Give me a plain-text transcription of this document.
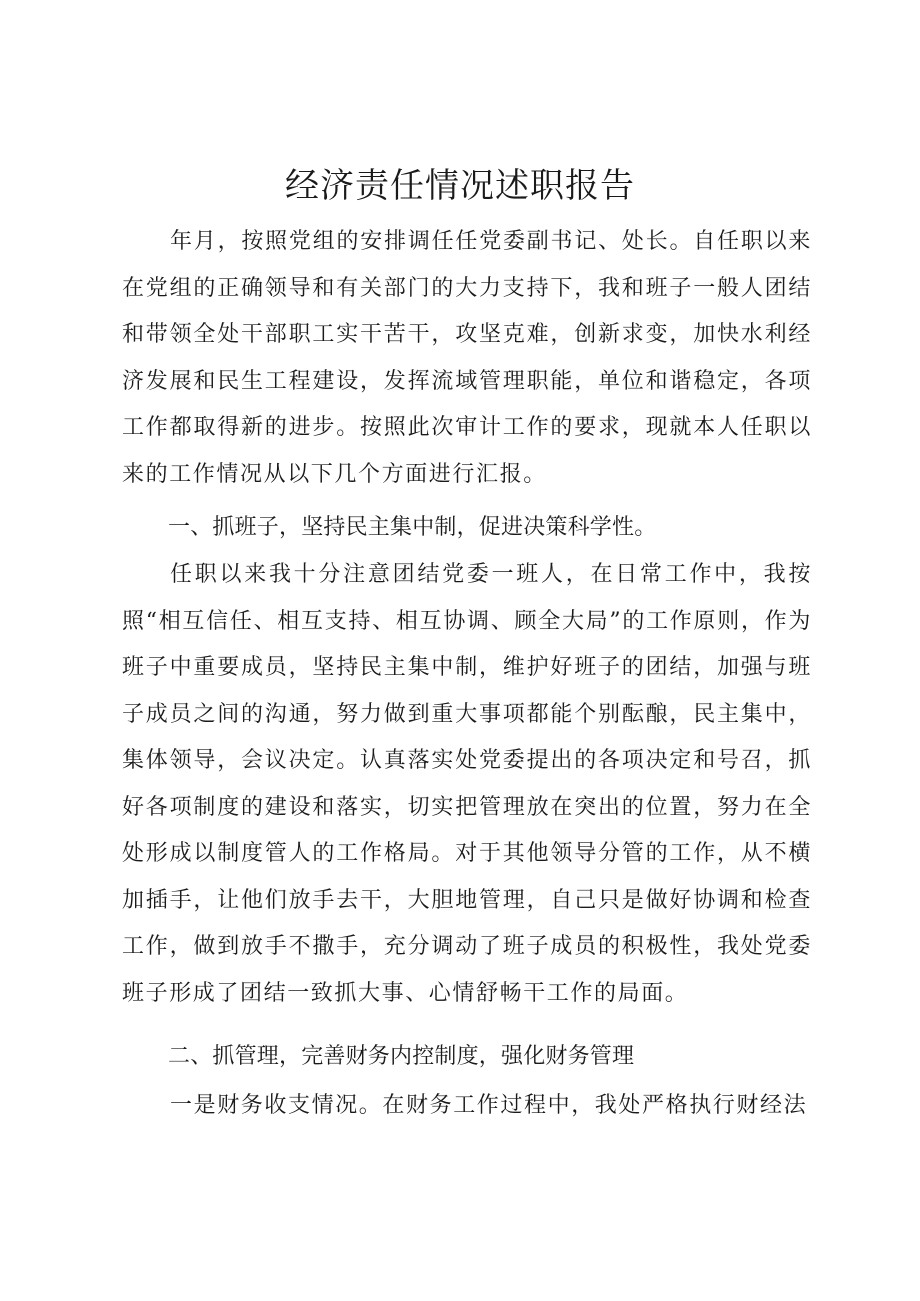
经济责任情况述职报告

年月，按照党组的安排调任任党委副书记、处长。自任职以来在党组的正确领导和有关部门的大力支持下，我和班子一般人团结和带领全处干部职工实干苦干，攻坚克难，创新求变，加快水利经济发展和民生工程建设，发挥流域管理职能，单位和谐稳定，各项工作都取得新的进步。按照此次审计工作的要求，现就本人任职以来的工作情况从以下几个方面进行汇报。

一、抓班子，坚持民主集中制，促进决策科学性。

任职以来我十分注意团结党委一班人，在日常工作中，我按照“相互信任、相互支持、相互协调、顾全大局”的工作原则，作为班子中重要成员，坚持民主集中制，维护好班子的团结，加强与班子成员之间的沟通，努力做到重大事项都能个别酝酿，民主集中，集体领导，会议决定。认真落实处党委提出的各项决定和号召，抓好各项制度的建设和落实，切实把管理放在突出的位置，努力在全处形成以制度管人的工作格局。对于其他领导分管的工作，从不横加插手，让他们放手去干，大胆地管理，自己只是做好协调和检查工作，做到放手不撒手，充分调动了班子成员的积极性，我处党委班子形成了团结一致抓大事、心情舒畅干工作的局面。

二、抓管理，完善财务内控制度，强化财务管理

一是财务收支情况。在财务工作过程中，我处严格执行财经法
